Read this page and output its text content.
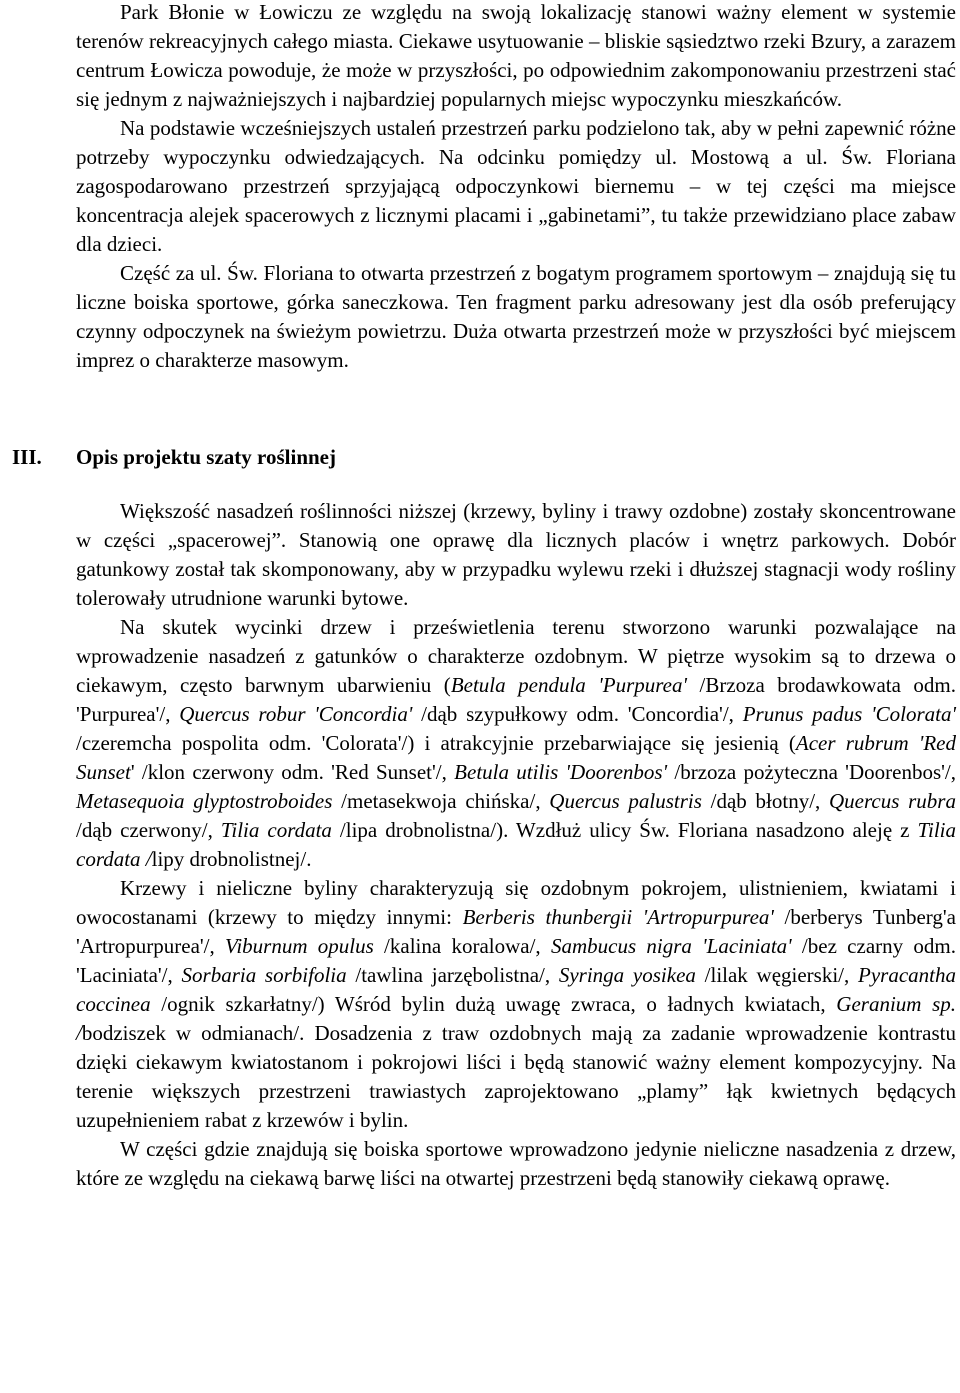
Park Błonie w Łowiczu ze względu na swoją lokalizację stanowi ważny element w systemie terenów rekreacyjnych całego miasta. Ciekawe usytuowanie – bliskie sąsiedztwo rzeki Bzury, a zarazem centrum Łowicza powoduje, że może w przyszłości, po odpowiednim zakomponowaniu przestrzeni stać się jednym z najważniejszych i najbardziej popularnych miejsc wypoczynku mieszkańców.

Na podstawie wcześniejszych ustaleń przestrzeń parku podzielono tak, aby w pełni zapewnić różne potrzeby wypoczynku odwiedzających. Na odcinku pomiędzy ul. Mostową a ul. Św. Floriana zagospodarowano przestrzeń sprzyjającą odpoczynkowi biernemu – w tej części ma miejsce koncentracja alejek spacerowych z licznymi placami i „gabinetami”, tu także przewidziano place zabaw dla dzieci.

Część za ul. Św. Floriana to otwarta przestrzeń z bogatym programem sportowym – znajdują się tu liczne boiska sportowe, górka saneczkowa. Ten fragment parku adresowany jest dla osób preferujący czynny odpoczynek na świeżym powietrzu. Duża otwarta przestrzeń może w przyszłości być miejscem imprez o charakterze masowym.

III. Opis projektu szaty roślinnej

Większość nasadzeń roślinności niższej (krzewy, byliny i trawy ozdobne) zostały skoncentrowane w części „spacerowej”. Stanowią one oprawę dla licznych placów i wnętrz parkowych. Dobór gatunkowy został tak skomponowany, aby w przypadku wylewu rzeki i dłuższej stagnacji wody rośliny tolerowały utrudnione warunki bytowe.

Na skutek wycinki drzew i prześwietlenia terenu stworzono warunki pozwalające na wprowadzenie nasadzeń z gatunków o charakterze ozdobnym. W piętrze wysokim są to drzewa o ciekawym, często barwnym ubarwieniu (Betula pendula 'Purpurea' /Brzoza brodawkowata odm. 'Purpurea'/, Quercus robur 'Concordia' /dąb szypułkowy odm. 'Concordia'/, Prunus padus 'Colorata' /czeremcha pospolita odm. 'Colorata'/) i atrakcyjnie przebarwiające się jesienią (Acer rubrum 'Red Sunset' /klon czerwony odm. 'Red Sunset'/, Betula utilis 'Doorenbos' /brzoza pożyteczna 'Doorenbos'/, Metasequoia glyptostroboides /metasekwoja chińska/, Quercus palustris /dąb błotny/, Quercus rubra /dąb czerwony/, Tilia cordata /lipa drobnolistna/). Wzdłuż ulicy Św. Floriana nasadzono aleję z Tilia cordata /lipy drobnolistnej/.

Krzewy i nieliczne byliny charakteryzują się ozdobnym pokrojem, ulistnieniem, kwiatami i owocostanami (krzewy to między innymi: Berberis thunbergii 'Artropurpurea' /berberys Tunberg'a 'Artropurpurea'/, Viburnum opulus /kalina koralowa/, Sambucus nigra 'Laciniata' /bez czarny odm. 'Laciniata'/, Sorbaria sorbifolia /tawlina jarzębolistna/, Syringa yosikea /lilak węgierski/, Pyracantha coccinea /ognik szkarłatny/) Wśród bylin dużą uwagę zwraca, o ładnych kwiatach, Geranium sp. /bodziszek w odmianach/. Dosadzenia z traw ozdobnych mają za zadanie wprowadzenie kontrastu dzięki ciekawym kwiatostanom i pokrojowi liści i będą stanowić ważny element kompozycyjny. Na terenie większych przestrzeni trawiastych zaprojektowano „plamy” łąk kwietnych będących uzupełnieniem rabat z krzewów i bylin.

W części gdzie znajdują się boiska sportowe wprowadzono jedynie nieliczne nasadzenia z drzew, które ze względu na ciekawą barwę liści na otwartej przestrzeni będą stanowiły ciekawą oprawę.
